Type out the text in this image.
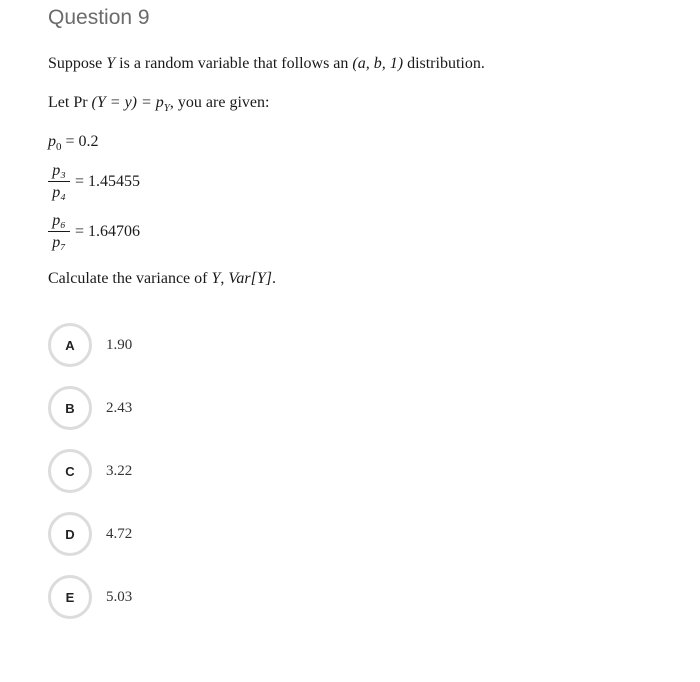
Question 9
Suppose Y is a random variable that follows an (a, b, 1) distribution.
Let Pr $(Y = y) = p_Y$, you are given:
$p_0 = 0.2$
p₃
p₄
= 1.45455
p₆
p₇
= 1.64706
Calculate the variance of Y, Var[Y].
A	1.90
B	2.43
C	3.22
D	4.72
E	5.03
